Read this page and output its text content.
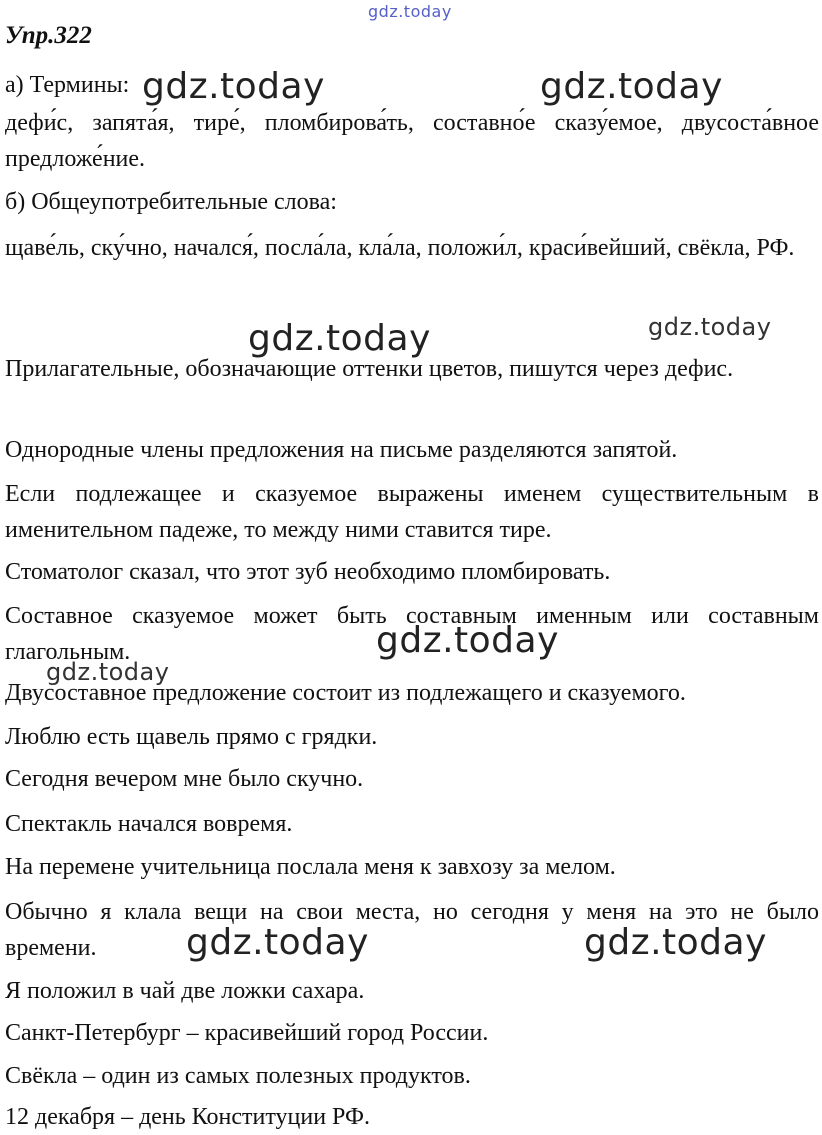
Упр.322
а) Термины:
дефи́с, запята́я, тире́, пломбирова́ть, составно́е сказу́емое, двусоста́вное предложе́ние.
б) Общеупотребительные слова:
щаве́ль, ску́чно, начался́, посла́ла, кла́ла, положи́л, краси́вейший, свёкла, РФ.
Прилагательные, обозначающие оттенки цветов, пишутся через дефис.
Однородные члены предложения на письме разделяются запятой.
Если подлежащее и сказуемое выражены именем существительным в именительном падеже, то между ними ставится тире.
Стоматолог сказал, что этот зуб необходимо пломбировать.
Составное сказуемое может быть составным именным или составным глагольным.
Двусоставное предложение состоит из подлежащего и сказуемого.
Люблю есть щавель прямо с грядки.
Сегодня вечером мне было скучно.
Спектакль начался вовремя.
На перемене учительница послала меня к завхозу за мелом.
Обычно я клала вещи на свои места, но сегодня у меня на это не было времени.
Я положил в чай две ложки сахара.
Санкт-Петербург – красивейший город России.
Свёкла – один из самых полезных продуктов.
12 декабря – день Конституции РФ.
gdz.today
gdz.today	gdz.today
gdz.today	gdz.today
gdz.today
gdz.today
gdz.today	gdz.today
